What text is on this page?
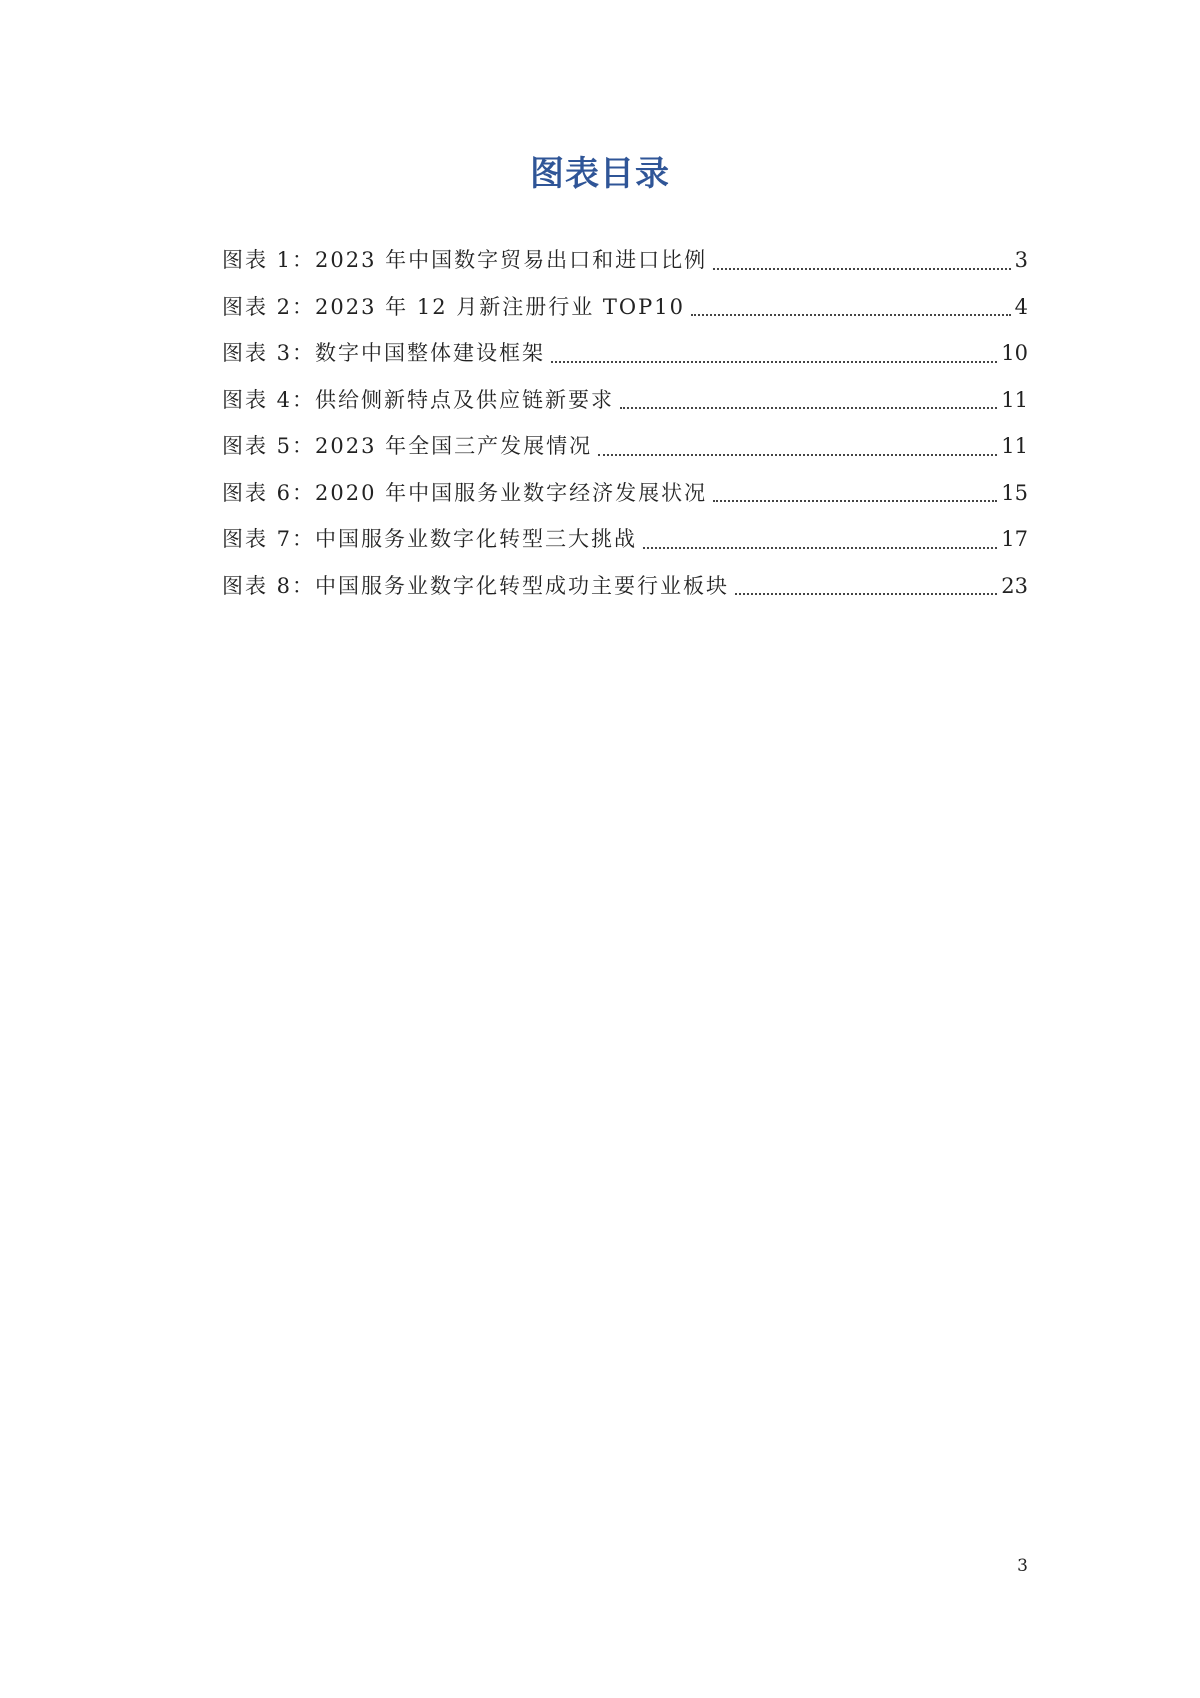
图表目录
图表 1：2023 年中国数字贸易出口和进口比例	3
图表 2：2023 年 12 月新注册行业 TOP10	4
图表 3：数字中国整体建设框架	10
图表 4：供给侧新特点及供应链新要求	11
图表 5：2023 年全国三产发展情况	11
图表 6：2020 年中国服务业数字经济发展状况	15
图表 7：中国服务业数字化转型三大挑战	17
图表 8：中国服务业数字化转型成功主要行业板块	23
3
